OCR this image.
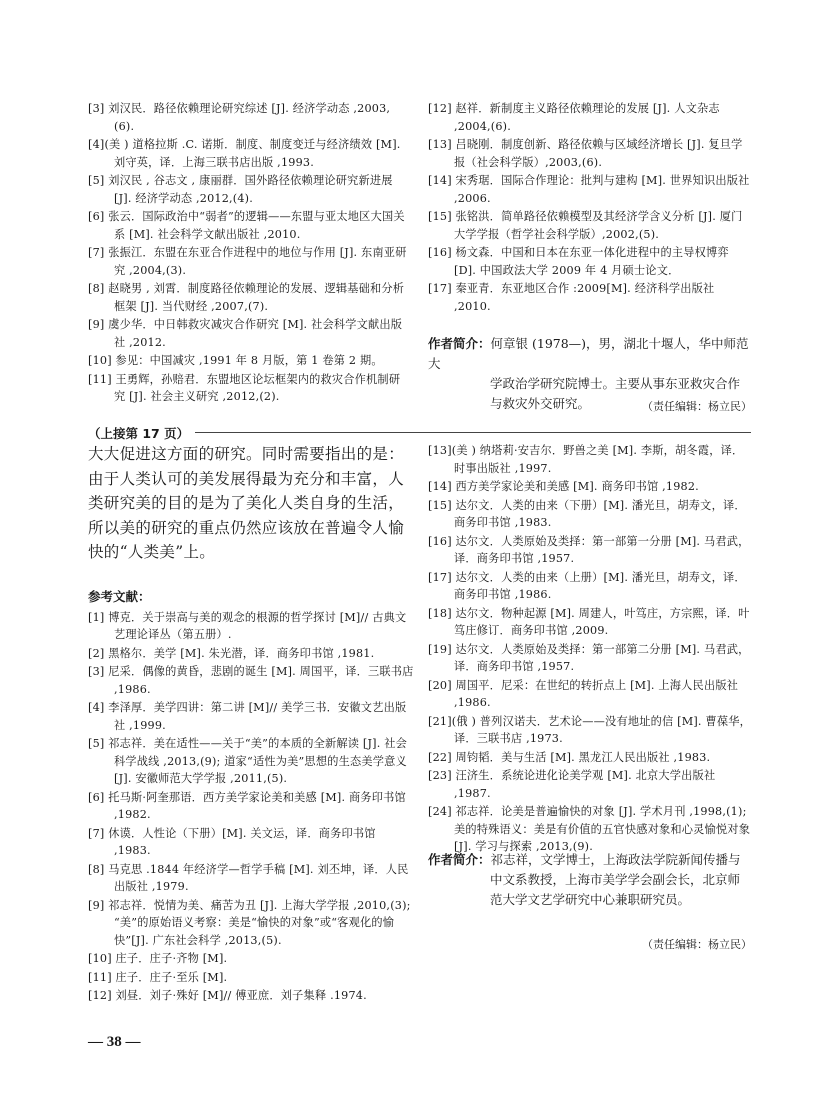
[3] 刘汉民．路径依赖理论研究综述 [J]. 经济学动态 ,2003,(6).

[4](美 ) 道格拉斯 .C. 诺斯．制度、制度变迁与经济绩效 [M]. 刘守英，译．上海三联书店出版 ,1993.

[5] 刘汉民 , 谷志文 , 康丽群．国外路径依赖理论研究新进展 [J]. 经济学动态 ,2012,(4).

[6] 张云．国际政治中“弱者”的逻辑——东盟与亚太地区大国关系 [M]. 社会科学文献出版社 ,2010.

[7] 张振江．东盟在东亚合作进程中的地位与作用 [J]. 东南亚研究 ,2004,(3).

[8] 赵晓男 , 刘霄．制度路径依赖理论的发展、逻辑基础和分析框架 [J]. 当代财经 ,2007,(7).

[9] 虞少华．中日韩救灾减灾合作研究 [M]. 社会科学文献出版社 ,2012.

[10] 参见：中国减灾 ,1991 年 8 月版，第 1 卷第 2 期。

[11] 王勇辉，孙赔君．东盟地区论坛框架内的救灾合作机制研究 [J]. 社会主义研究 ,2012,(2).

[12] 赵祥．新制度主义路径依赖理论的发展 [J]. 人文杂志 ,2004,(6).

[13] 吕晓刚．制度创新、路径依赖与区域经济增长 [J]. 复旦学报（社会科学版）,2003,(6).

[14] 宋秀琚．国际合作理论：批判与建构 [M]. 世界知识出版社 ,2006.

[15] 张铭洪．简单路径依赖模型及其经济学含义分析 [J]. 厦门大学学报（哲学社会科学版）,2002,(5).

[16] 杨文森．中国和日本在东亚一体化进程中的主导权博弈 [D]. 中国政法大学 2009 年 4 月硕士论文．

[17] 秦亚青．东亚地区合作 :2009[M]. 经济科学出版社 ,2010.

作者简介：何章银 (1978—)，男，湖北十堰人，华中师范大
学政治学研究院博士。主要从事东亚救灾合作与救灾外交研究。	（责任编辑：杨立民）
（上接第 17 页）
大大促进这方面的研究。同时需要指出的是：由于人类认可的美发展得最为充分和丰富，人类研究美的目的是为了美化人类自身的生活，所以美的研究的重点仍然应该放在普遍令人愉快的“人类美”上。
参考文献：

[1] 博克．关于崇高与美的观念的根源的哲学探讨 [M]// 古典文艺理论译丛（第五册）.

[2] 黑格尔．美学 [M]. 朱光潜，译．商务印书馆 ,1981.

[3] 尼采．偶像的黄昏，悲剧的诞生 [M]. 周国平，译．三联书店 ,1986.

[4] 李泽厚．美学四讲：第二讲 [M]// 美学三书．安徽文艺出版社 ,1999.

[5] 祁志祥．美在适性——关于“美”的本质的全新解读 [J]. 社会科学战线 ,2013,(9); 道家“适性为美”思想的生态美学意义 [J]. 安徽师范大学学报 ,2011,(5).

[6] 托马斯·阿奎那语．西方美学家论美和美感 [M]. 商务印书馆 ,1982.

[7] 休谟．人性论（下册）[M]. 关文运，译．商务印书馆 ,1983.

[8] 马克思 .1844 年经济学—哲学手稿 [M]. 刘丕坤，译．人民出版社 ,1979.

[9] 祁志祥．悦情为美、痛苦为丑 [J]. 上海大学学报 ,2010,(3); “美”的原始语义考察：美是“愉快的对象”或“客观化的愉快”[J]. 广东社会科学 ,2013,(5).

[10] 庄子．庄子·齐物 [M].

[11] 庄子．庄子·至乐 [M].

[12] 刘昼．刘子·殊好 [M]// 傅亚庶．刘子集释 .1974.

[13](美 ) 纳塔莉·安吉尔．野兽之美 [M]. 李斯，胡冬霞，译．时事出版社 ,1997.

[14] 西方美学家论美和美感 [M]. 商务印书馆 ,1982.

[15] 达尔文．人类的由来（下册）[M]. 潘光旦，胡寿文，译．商务印书馆 ,1983.

[16] 达尔文．人类原始及类择：第一部第一分册 [M]. 马君武，译．商务印书馆 ,1957.

[17] 达尔文．人类的由来（上册）[M]. 潘光旦，胡寿文，译．商务印书馆 ,1986.

[18] 达尔文．物种起源 [M]. 周建人，叶笃庄，方宗熙，译．叶笃庄修订．商务印书馆 ,2009.

[19] 达尔文．人类原始及类择：第一部第二分册 [M]. 马君武，译．商务印书馆 ,1957.

[20] 周国平．尼采：在世纪的转折点上 [M]. 上海人民出版社 ,1986.

[21](俄 ) 普列汉诺夫．艺术论——没有地址的信 [M]. 曹葆华，译．三联书店 ,1973.

[22] 周钧韬．美与生活 [M]. 黑龙江人民出版社 ,1983.

[23] 汪济生．系统论进化论美学观 [M]. 北京大学出版社 ,1987.

[24] 祁志祥．论美是普遍愉快的对象 [J]. 学术月刊 ,1998,(1); 美的特殊语义：美是有价值的五官快感对象和心灵愉悦对象 [J]. 学习与探索 ,2013,(9).

作者简介：祁志祥，文学博士，上海政法学院新闻传播与
中文系教授，上海市美学学会副会长，北京师范大学文艺学研究中心兼职研究员。
（责任编辑：杨立民）
— 38 —
